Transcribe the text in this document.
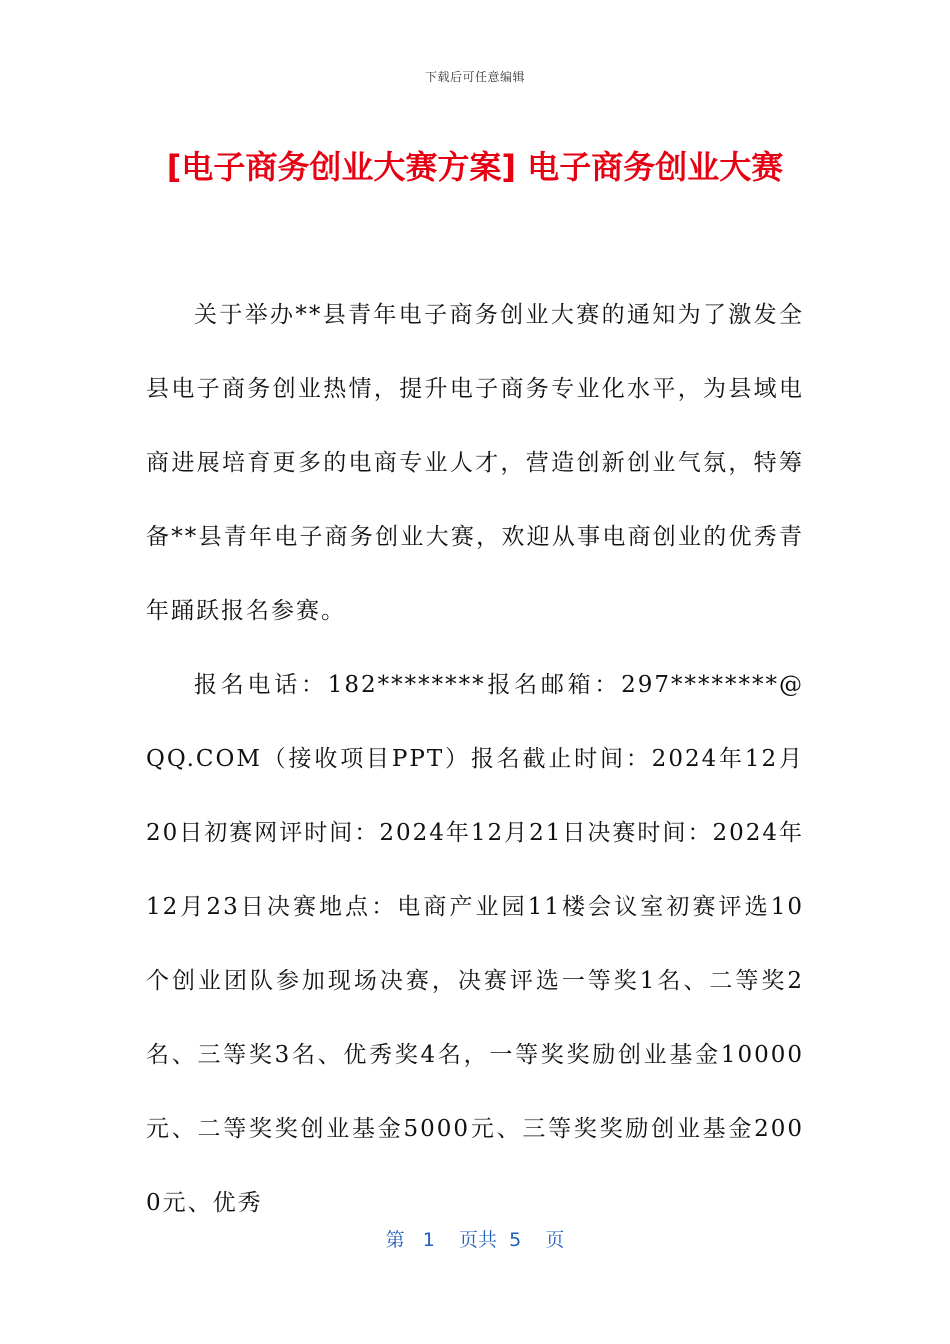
下载后可任意编辑
[电子商务创业大赛方案] 电子商务创业大赛

关于举办**县青年电子商务创业大赛的通知为了激发全县电子商务创业热情，提升电子商务专业化水平，为县域电商进展培育更多的电商专业人才，营造创新创业气氛，特筹备**县青年电子商务创业大赛，欢迎从事电商创业的优秀青年踊跃报名参赛。

报名电话：182********报名邮箱：297********@QQ.COM（接收项目PPT）报名截止时间：2024年12月20日初赛网评时间：2024年12月21日决赛时间：2024年12月23日决赛地点：电商产业园11楼会议室初赛评选10个创业团队参加现场决赛，决赛评选一等奖1名、二等奖2名、三等奖3名、优秀奖4名，一等奖奖励创业基金10000元、二等奖奖创业基金5000元、三等奖奖励创业基金2000元、优秀

第 1 页共 5 页
